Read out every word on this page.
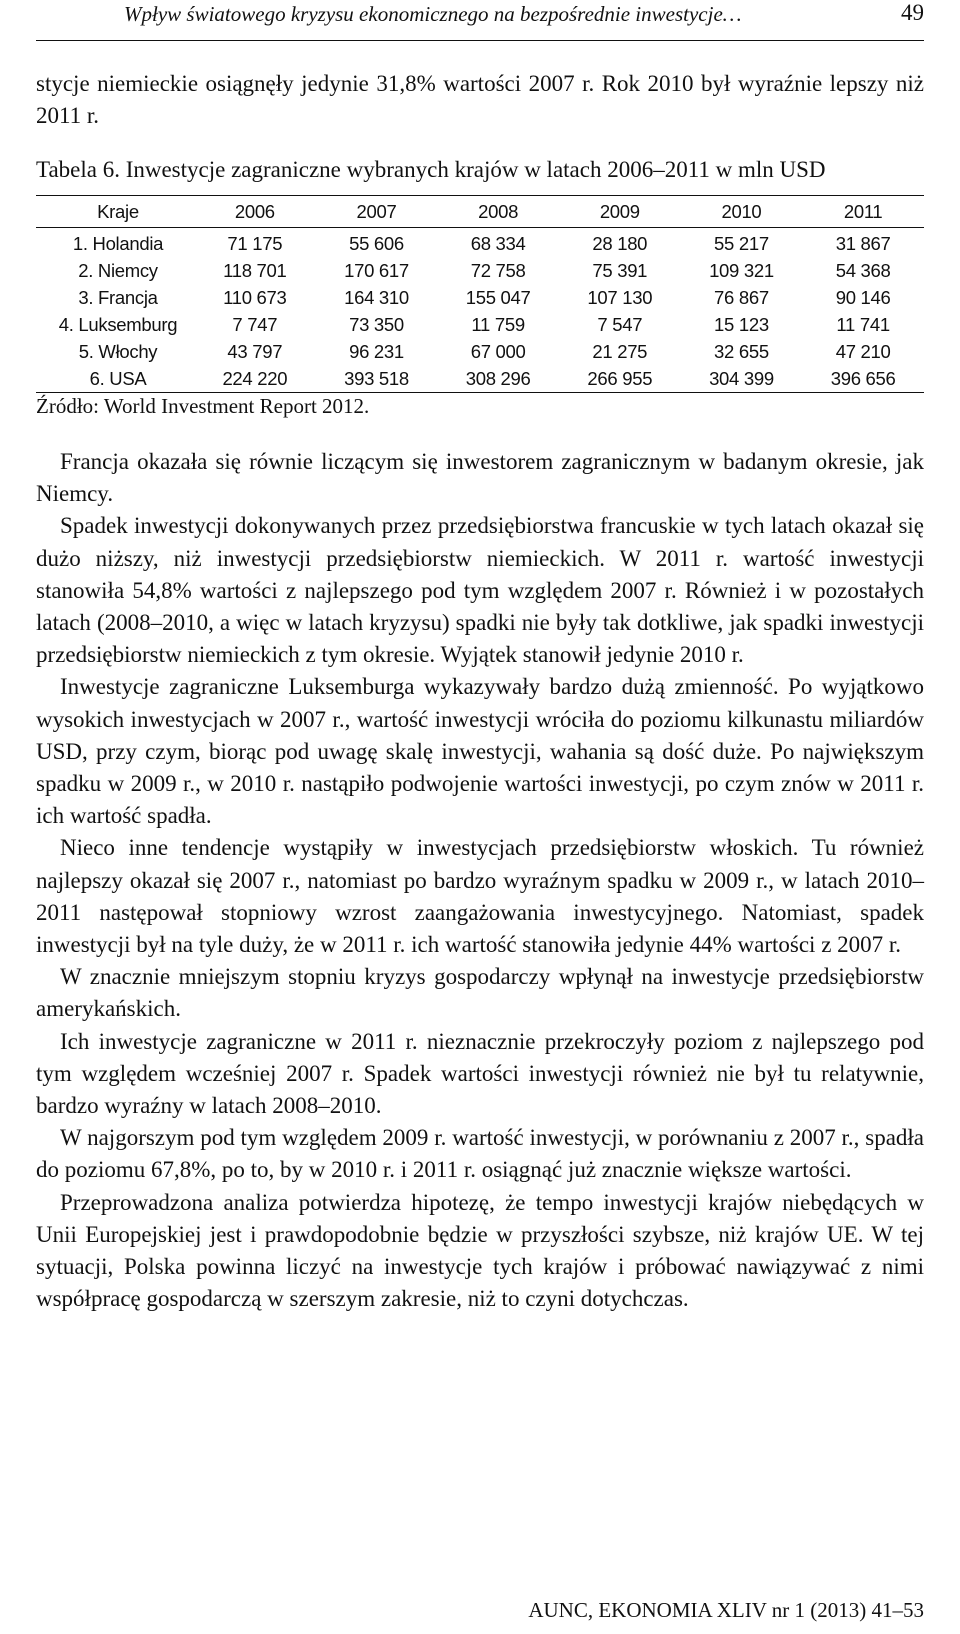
Wpływ światowego kryzysu ekonomicznego na bezpośrednie inwestycje…	49

stycje niemieckie osiągnęły jedynie 31,8% wartości 2007 r. Rok 2010 był wyraźnie lepszy niż 2011 r.

Tabela 6. Inwestycje zagraniczne wybranych krajów w latach 2006–2011 w mln USD
Kraje	2006	2007	2008	2009	2010	2011
1. Holandia	71 175	55 606	68 334	28 180	55 217	31 867
2. Niemcy	118 701	170 617	72 758	75 391	109 321	54 368
3. Francja	110 673	164 310	155 047	107 130	76 867	90 146
4. Luksemburg	7 747	73 350	11 759	7 547	15 123	11 741
5. Włochy	43 797	96 231	67 000	21 275	32 655	47 210
6. USA	224 220	393 518	308 296	266 955	304 399	396 656
Źródło: World Investment Report 2012.

Francja okazała się równie liczącym się inwestorem zagranicznym w badanym okresie, jak Niemcy.

Spadek inwestycji dokonywanych przez przedsiębiorstwa francuskie w tych latach okazał się dużo niższy, niż inwestycji przedsiębiorstw niemieckich. W 2011 r. wartość inwestycji stanowiła 54,8% wartości z najlepszego pod tym względem 2007 r. Również i w pozostałych latach (2008–2010, a więc w latach kryzysu) spadki nie były tak dotkliwe, jak spadki inwestycji przedsiębiorstw niemieckich z tym okresie. Wyjątek stanowił jedynie 2010 r.

Inwestycje zagraniczne Luksemburga wykazywały bardzo dużą zmienność. Po wyjątkowo wysokich inwestycjach w 2007 r., wartość inwestycji wróciła do poziomu kilkunastu miliardów USD, przy czym, biorąc pod uwagę skalę inwestycji, wahania są dość duże. Po największym spadku w 2009 r., w 2010 r. nastąpiło podwojenie wartości inwestycji, po czym znów w 2011 r. ich wartość spadła.

Nieco inne tendencje wystąpiły w inwestycjach przedsiębiorstw włoskich. Tu również najlepszy okazał się 2007 r., natomiast po bardzo wyraźnym spadku w 2009 r., w latach 2010–2011 następował stopniowy wzrost zaangażowania inwestycyjnego. Natomiast, spadek inwestycji był na tyle duży, że w 2011 r. ich wartość stanowiła jedynie 44% wartości z 2007 r.

W znacznie mniejszym stopniu kryzys gospodarczy wpłynął na inwestycje przedsiębiorstw amerykańskich.

Ich inwestycje zagraniczne w 2011 r. nieznacznie przekroczyły poziom z najlepszego pod tym względem wcześniej 2007 r. Spadek wartości inwestycji również nie był tu relatywnie, bardzo wyraźny w latach 2008–2010.

W najgorszym pod tym względem 2009 r. wartość inwestycji, w porównaniu z 2007 r., spadła do poziomu 67,8%, po to, by w 2010 r. i 2011 r. osiągnąć już znacznie większe wartości.

Przeprowadzona analiza potwierdza hipotezę, że tempo inwestycji krajów niebędących w Unii Europejskiej jest i prawdopodobnie będzie w przyszłości szybsze, niż krajów UE. W tej sytuacji, Polska powinna liczyć na inwestycje tych krajów i próbować nawiązywać z nimi współpracę gospodarczą w szerszym zakresie, niż to czyni dotychczas.

AUNC, EKONOMIA XLIV nr 1 (2013) 41–53
